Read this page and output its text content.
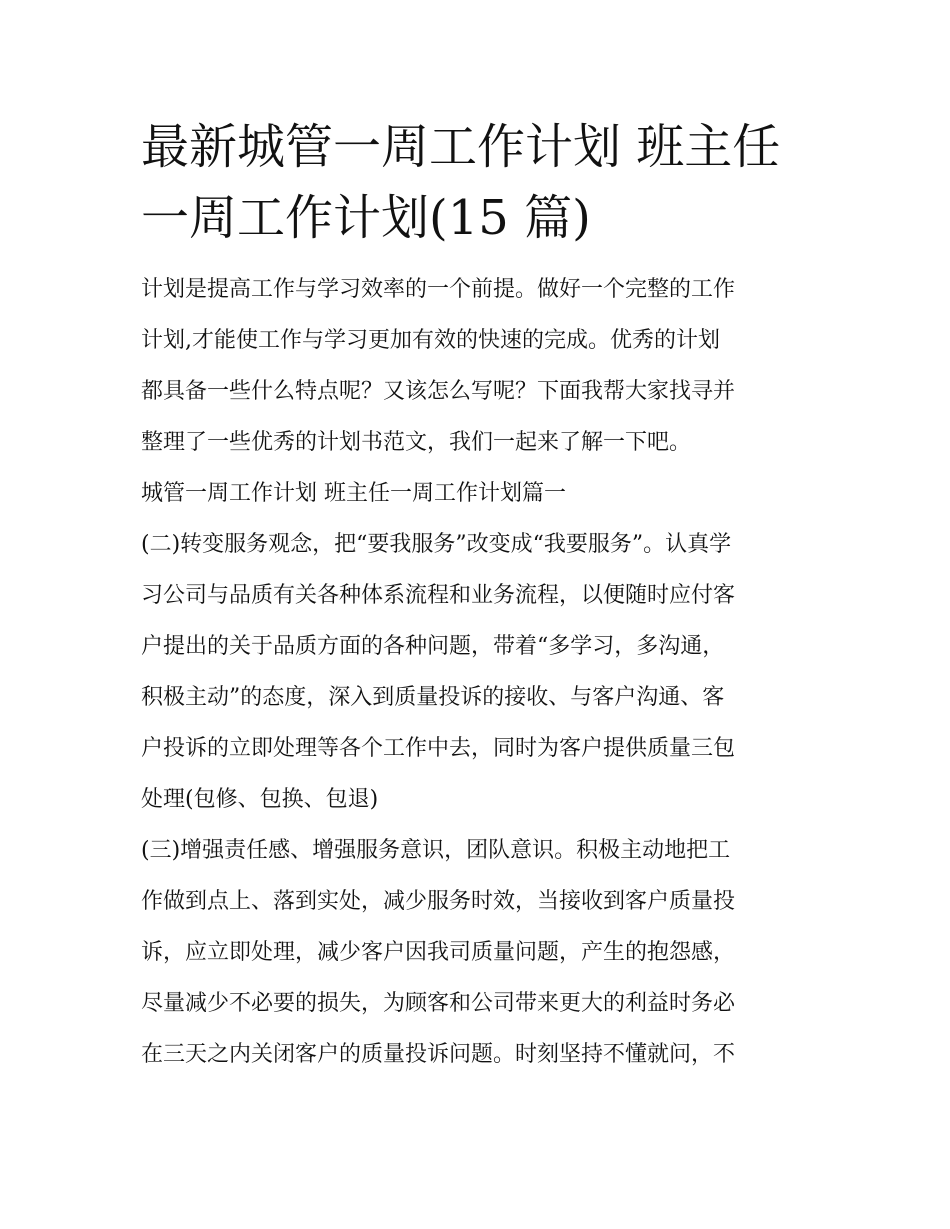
最新城管一周工作计划 班主任
一周工作计划(15 篇)

计划是提高工作与学习效率的一个前提。做好一个完整的工作
计划,才能使工作与学习更加有效的快速的完成。优秀的计划
都具备一些什么特点呢？又该怎么写呢？下面我帮大家找寻并
整理了一些优秀的计划书范文，我们一起来了解一下吧。

城管一周工作计划 班主任一周工作计划篇一

(二)转变服务观念，把“要我服务”改变成“我要服务”。认真学
习公司与品质有关各种体系流程和业务流程，以便随时应付客
户提出的关于品质方面的各种问题，带着“多学习，多沟通，
积极主动”的态度，深入到质量投诉的接收、与客户沟通、客
户投诉的立即处理等各个工作中去，同时为客户提供质量三包
处理(包修、包换、包退)

(三)增强责任感、增强服务意识，团队意识。积极主动地把工
作做到点上、落到实处，减少服务时效，当接收到客户质量投
诉，应立即处理，减少客户因我司质量问题，产生的抱怨感，
尽量减少不必要的损失，为顾客和公司带来更大的利益时务必
在三天之内关闭客户的质量投诉问题。时刻坚持不懂就问，不
